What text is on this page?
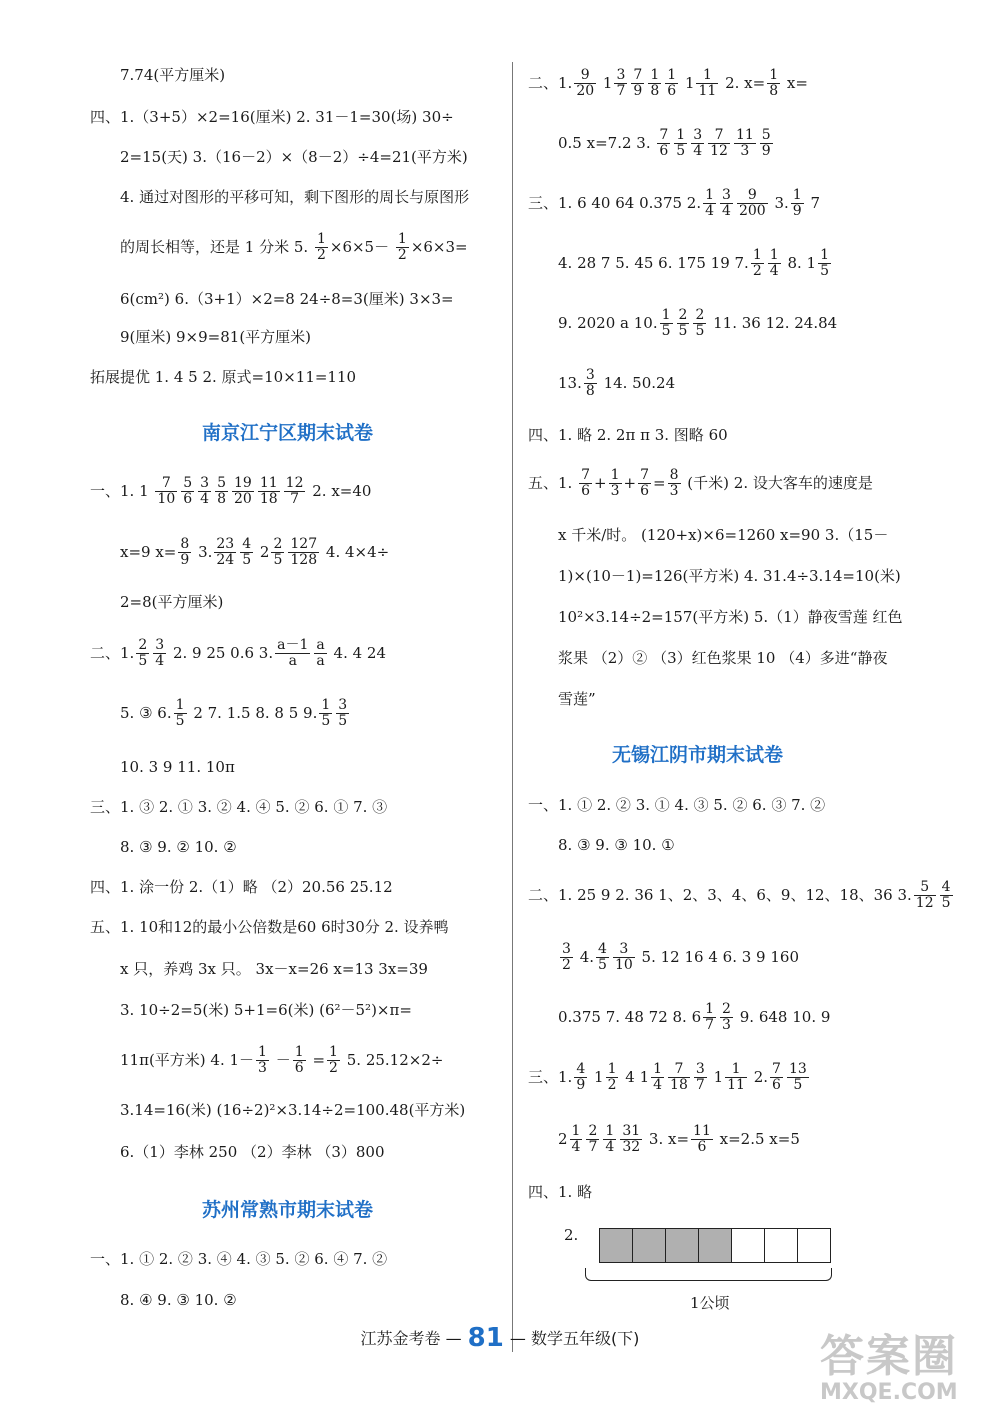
7.74(平方厘米)
四、1.（3+5）×2=16(厘米) 2. 31－1=30(场) 30÷
2=15(天) 3.（16－2）×（8－2）÷4=21(平方米)
4. 通过对图形的平移可知，剩下图形的周长与原图形
的周长相等，还是 1 分米 5. $\frac{1}{2} \times 6\times 5- \frac{1}{2} \times 6\times 3=$
6(cm²) 6.（3+1）×2=8 24÷8=3(厘米) 3×3=
9(厘米) 9×9=81(平方厘米)
拓展提优 1. 4 5 2. 原式=10×11=110
南京江宁区期末试卷
一、1. $1 \frac{7}{10} \frac{5}{6} \frac{3}{4} \frac{5}{8} \frac{19}{20} \frac{11}{18} \frac{12}{7} 2$. x=40
x=9 $x= \frac{8}{9} 3$. $\frac{23}{24} \frac{4}{5} 2 \frac{2}{5} \frac{127}{128} 4$. 4×4÷
2=8(平方厘米)
二、1. $\frac{2}{5} \frac{3}{4} 2$. 9 25 0.6 3. $\frac{a-1}{a} \frac{a}{a} 4$. 4 24
5. ③ 6. $\frac{1}{5} 2$ 7. 1.5 8. 8 5 9. $\frac{1}{5} \frac{3}{5}$
10. 3 9 11. 10π
三、1. ③ 2. ① 3. ② 4. ④ 5. ② 6. ① 7. ③
8. ③ 9. ② 10. ②
四、1. 涂一份 2.（1）略 （2）20.56 25.12
五、1. 10和12的最小公倍数是60 6时30分 2. 设养鸭
x 只，养鸡 3x 只。 3x－x=26 x=13 3x=39
3. 10÷2=5(米) 5+1=6(米) (6²－5²)×π=
11π(平方米) 4. $1- \frac{1}{3} - \frac{1}{6} = \frac{1}{2} 5$. 25.12×2÷
3.14=16(米) (16÷2)²×3.14÷2=100.48(平方米)
6.（1）李林 250 （2）李林 （3）800
苏州常熟市期末试卷
一、1. ① 2. ② 3. ④ 4. ③ 5. ② 6. ④ 7. ②
8. ④ 9. ③ 10. ②
二、1. $\frac{9}{20} 1 \frac{3}{7} \frac{7}{9} \frac{1}{8} \frac{1}{6} 1 \frac{1}{11} 2$. $x= \frac{1}{8} x=$
0.5 x=7.2 3. $\frac{7}{6} \frac{1}{5} \frac{3}{4} \frac{7}{12} \frac{11}{3} \frac{5}{9}$
三、1. 6 40 64 0.375 2. $\frac{1}{4} \frac{3}{4} \frac{9}{200} 3$. $\frac{1}{9} 7$
4. 28 7 5. 45 6. 175 19 7. $\frac{1}{2} \frac{1}{4} 8$. $1 \frac{1}{5}$
9. 2020 a 10. $\frac{1}{5} \frac{2}{5} \frac{2}{5} 11$. 36 12. 24.84
13. $\frac{3}{8} 14$. 50.24
四、1. 略 2. 2π π 3. 图略 60
五、1. $\frac{7}{6} + \frac{1}{3} + \frac{7}{6} = \frac{8}{3}$ (千米) 2. 设大客车的速度是
x 千米/时。 (120+x)×6=1260 x=90 3.（15－
1)×(10－1)=126(平方米) 4. 31.4÷3.14=10(米)
10²×3.14÷2=157(平方米) 5.（1）静夜雪莲 红色
浆果 （2）② （3）红色浆果 10 （4）多进“静夜
雪莲”
无锡江阴市期末试卷
一、1. ① 2. ② 3. ① 4. ③ 5. ② 6. ③ 7. ②
8. ③ 9. ③ 10. ①
二、1. 25 9 2. 36 1、2、3、4、6、9、12、18、36 3. $\frac{5}{12} \frac{4}{5}$
$\frac{3}{2} 4$. $\frac{4}{5} \frac{3}{10} 5$. 12 16 4 6. 3 9 160
0.375 7. 48 72 8. $6 \frac{1}{7} \frac{2}{3} 9$. 648 10. 9
三、1. $\frac{4}{9} 1 \frac{1}{2} 4$ $1 \frac{1}{4} \frac{7}{18} \frac{3}{7} 1 \frac{1}{11} 2$. $\frac{7}{6} \frac{13}{5}$
$2 \frac{1}{4} \frac{2}{7} \frac{1}{4} \frac{31}{32} 3$. $x= \frac{11}{6} x=2.5$ x=5
四、1. 略
2.
1公顷
江苏金考卷 — 81 — 数学五年级(下)	答案圈
MXQE.COM
